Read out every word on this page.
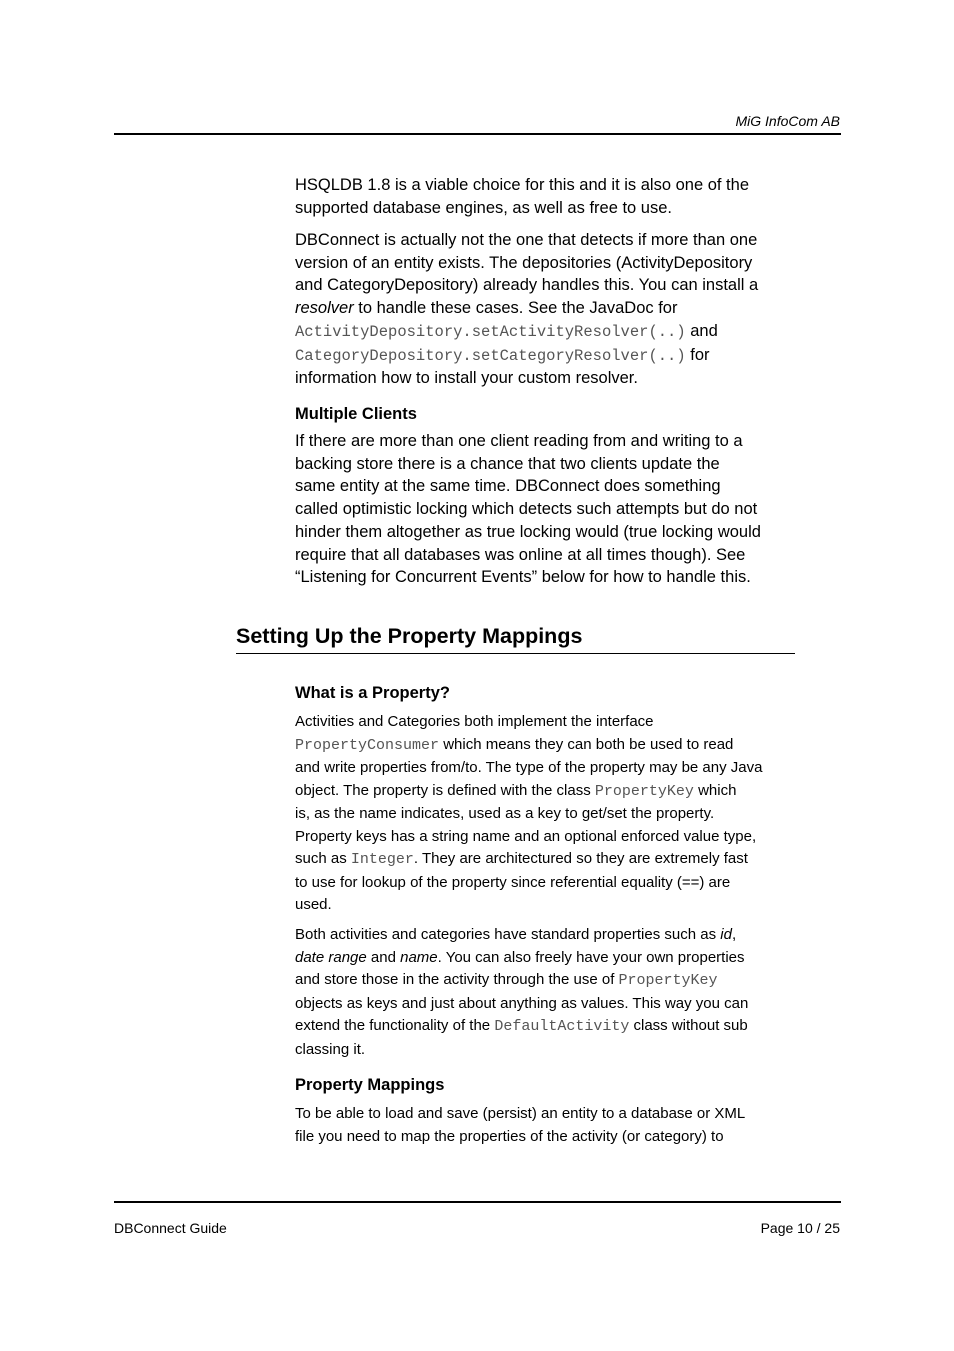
MiG InfoCom AB

HSQLDB 1.8 is a viable choice for this and it is also one of the
supported database engines, as well as free to use.

DBConnect is actually not the one that detects if more than one
version of an entity exists. The depositories (ActivityDepository
and CategoryDepository) already handles this. You can install a
resolver to handle these cases. See the JavaDoc for
ActivityDepository.setActivityResolver(..) and
CategoryDepository.setCategoryResolver(..) for
information how to install your custom resolver.

Multiple Clients

If there are more than one client reading from and writing to a
backing store there is a chance that two clients update the
same entity at the same time. DBConnect does something
called optimistic locking which detects such attempts but do not
hinder them altogether as true locking would (true locking would
require that all databases was online at all times though). See
“Listening for Concurrent Events” below for how to handle this.

Setting Up the Property Mappings
What is a Property?

Activities and Categories both implement the interface
PropertyConsumer which means they can both be used to read
and write properties from/to. The type of the property may be any Java
object. The property is defined with the class PropertyKey which
is, as the name indicates, used as a key to get/set the property.
Property keys has a string name and an optional enforced value type,
such as Integer. They are architectured so they are extremely fast
to use for lookup of the property since referential equality (==) are
used.

Both activities and categories have standard properties such as id,
date range and name. You can also freely have your own properties
and store those in the activity through the use of PropertyKey
objects as keys and just about anything as values. This way you can
extend the functionality of the DefaultActivity class without sub
classing it.

Property Mappings

To be able to load and save (persist) an entity to a database or XML
file you need to map the properties of the activity (or category) to

DBConnect Guide	Page 10 / 25
